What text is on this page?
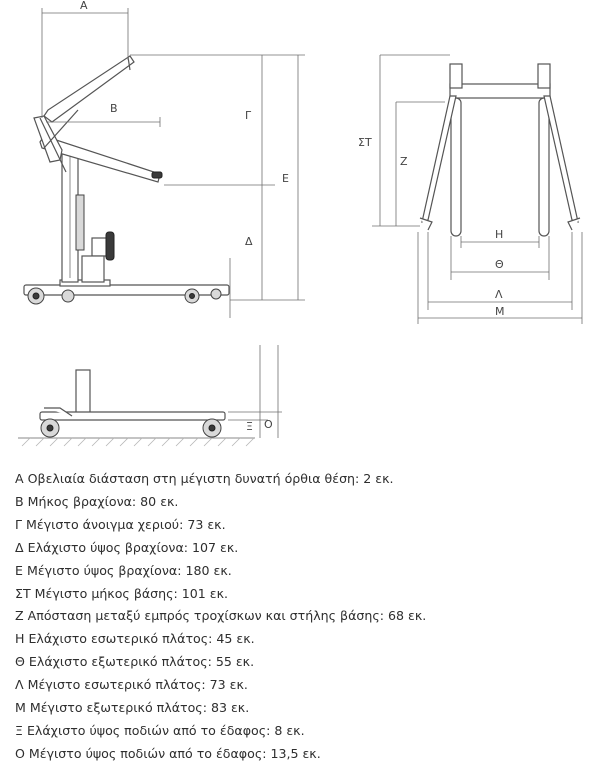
A
B
Γ
Δ
E
ΣΤ
Z
H
Θ
Λ
M
Ξ O
A Οβελιαία διάσταση στη μέγιστη δυνατή όρθια θέση: 2 εκ.
B Μήκος βραχίονα: 80 εκ.
Γ Μέγιστο άνοιγμα χεριού: 73 εκ.
Δ Ελάχιστο ύψος βραχίονα: 107 εκ.
E Μέγιστο ύψος βραχίονα: 180 εκ.
ΣΤ Μέγιστο μήκος βάσης: 101 εκ.
Z Απόσταση μεταξύ εμπρός τροχίσκων και στήλης βάσης: 68 εκ.
H Ελάχιστο εσωτερικό πλάτος: 45 εκ.
Θ Ελάχιστο εξωτερικό πλάτος: 55 εκ.
Λ Μέγιστο εσωτερικό πλάτος: 73 εκ.
M Μέγιστο εξωτερικό πλάτος: 83 εκ.
Ξ Ελάχιστο ύψος ποδιών από το έδαφος: 8 εκ.
O Μέγιστο ύψος ποδιών από το έδαφος: 13,5 εκ.
